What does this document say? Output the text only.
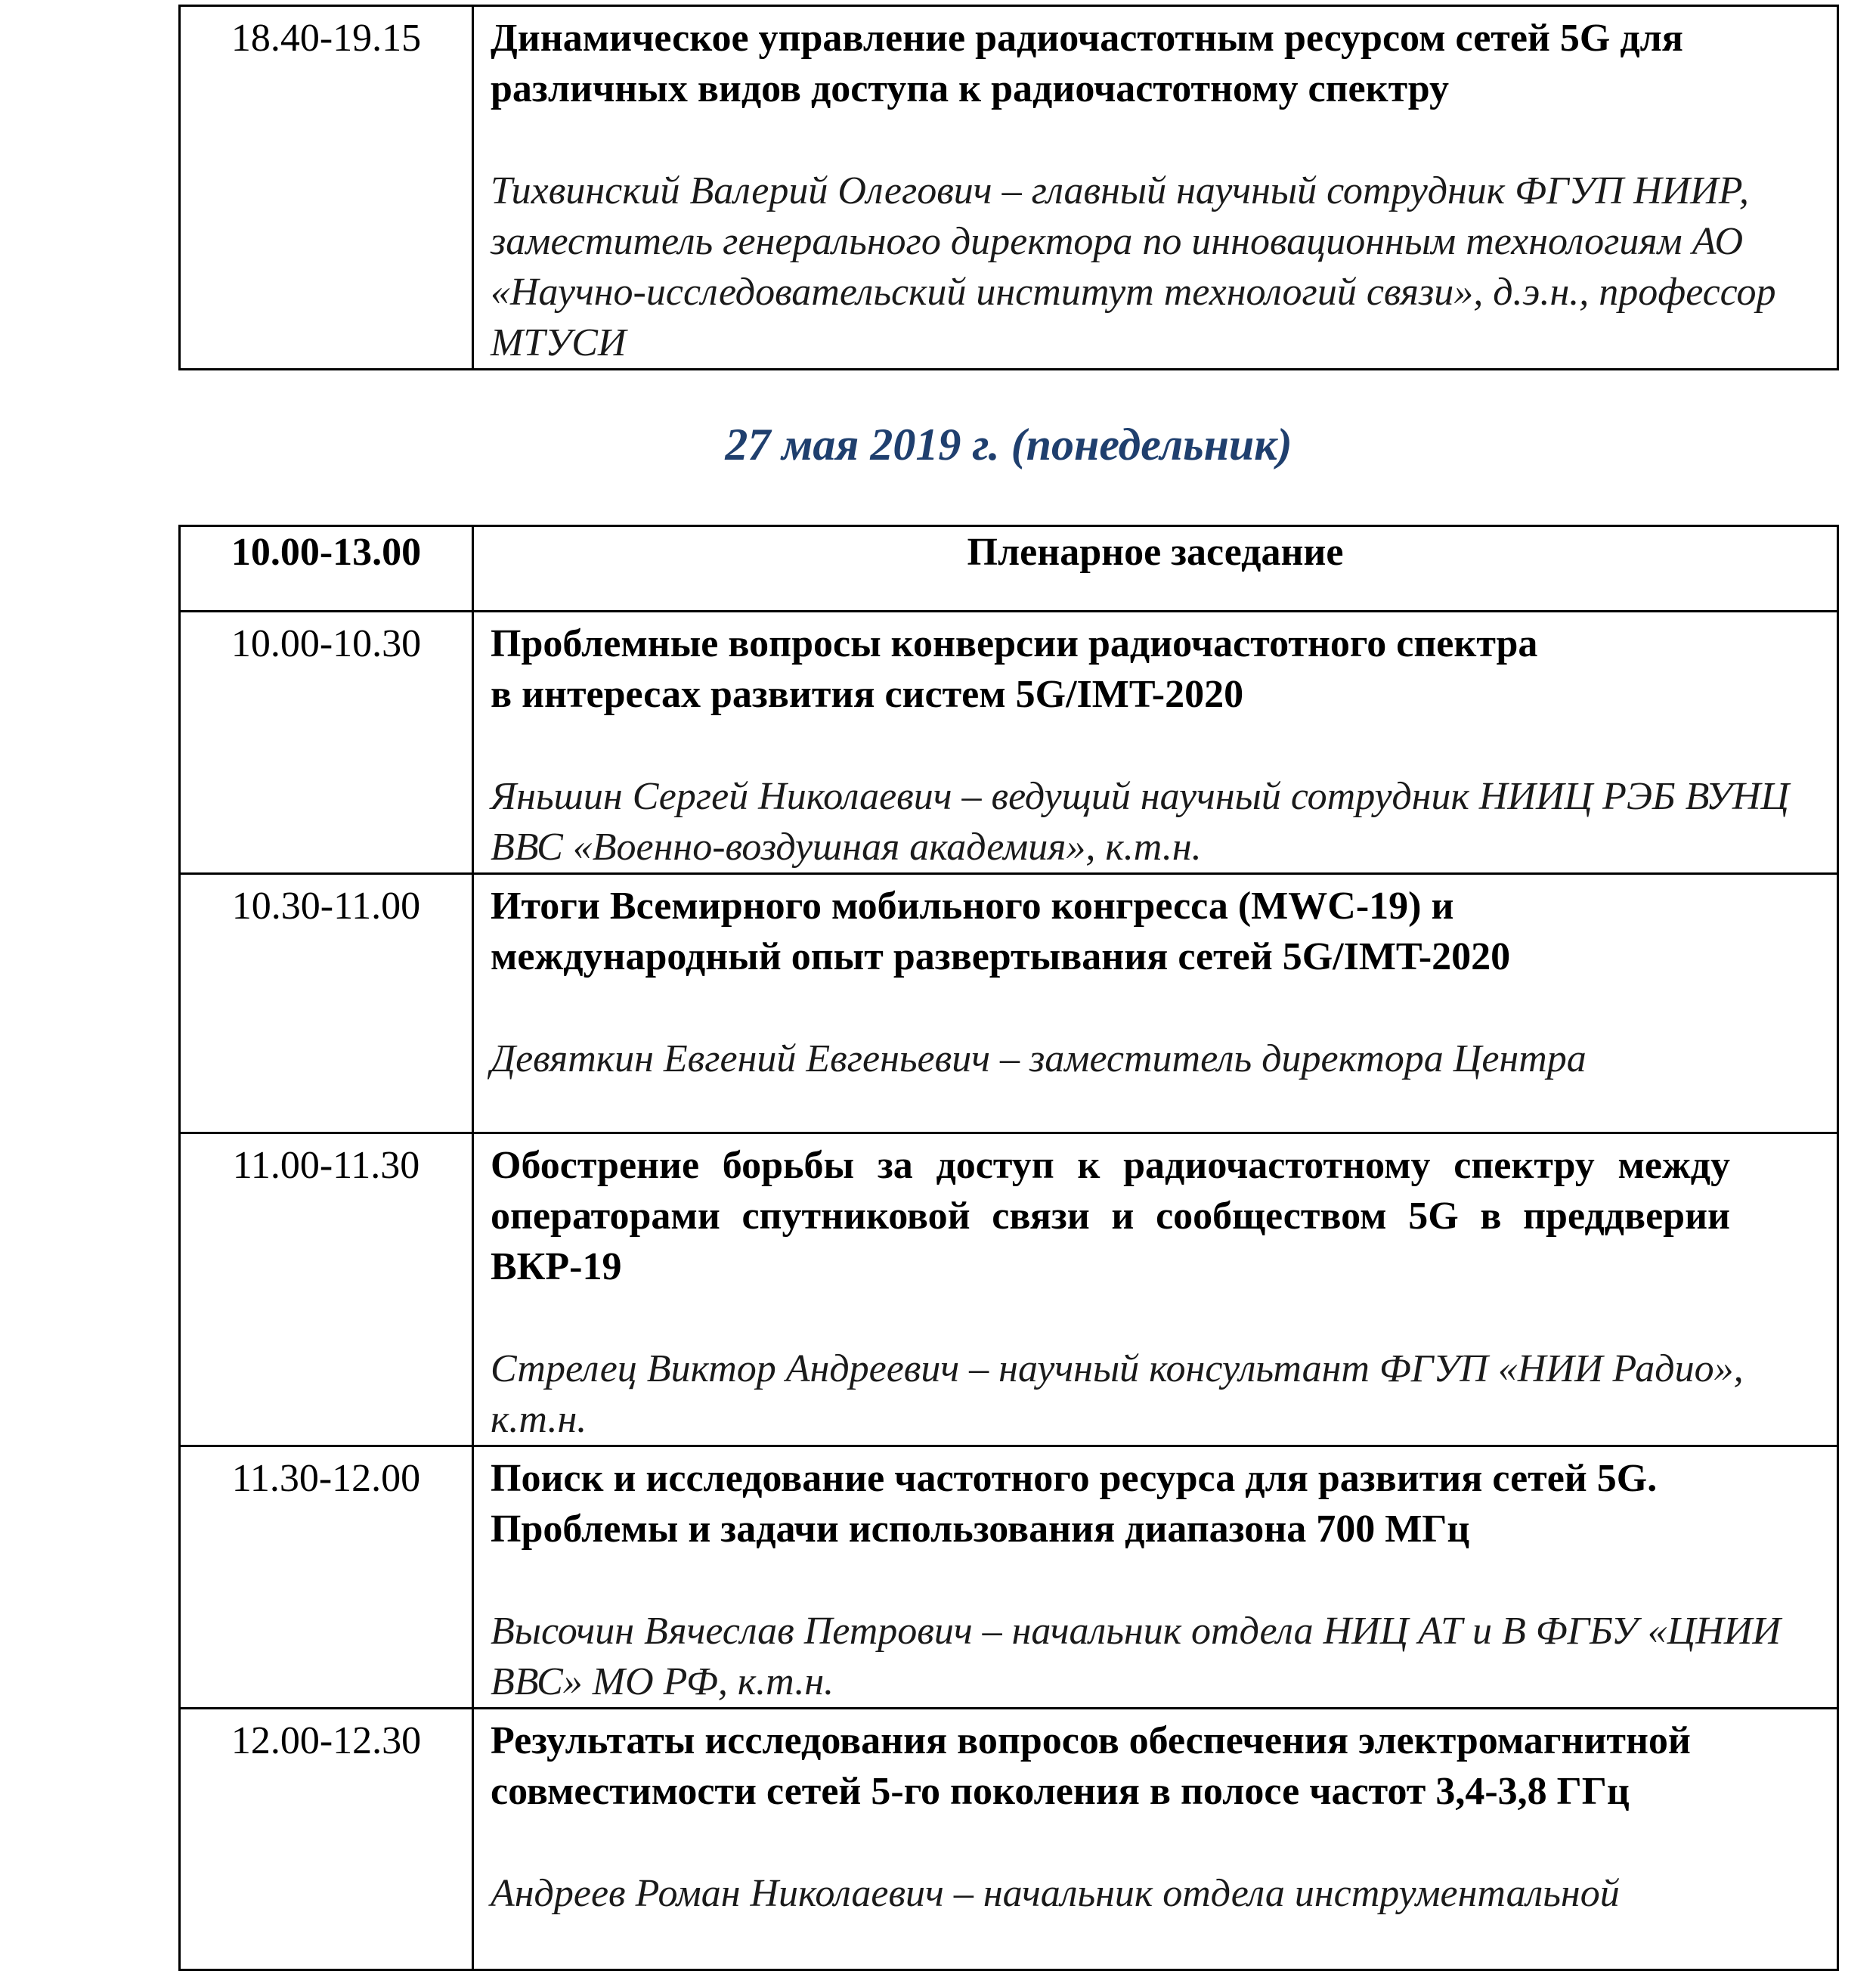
18.40-19.15	Динамическое управление радиочастотным ресурсом сетей 5G для различных видов доступа к радиочастотному спектру
Тихвинский Валерий Олегович – главный научный сотрудник ФГУП НИИР, заместитель генерального директора по инновационным технологиям АО «Научно-исследовательский институт технологий связи», д.э.н., профессор МТУСИ
27 мая 2019 г. (понедельник)
10.00-13.00	Пленарное заседание
10.00-10.30	Проблемные вопросы конверсии радиочастотного спектра в интересах развития систем 5G/IMT-2020
Яньшин Сергей Николаевич – ведущий научный сотрудник НИИЦ РЭБ ВУНЦ ВВС «Военно-воздушная академия», к.т.н.

10.30-11.00	Итоги Всемирного мобильного конгресса (MWC-19) и международный опыт развертывания сетей 5G/IMT-2020
Девяткин Евгений Евгеньевич – заместитель директора Центра

11.00-11.30	Обострение борьбы за доступ к радиочастотному спектру между операторами спутниковой связи и сообществом 5G в преддверии ВКР-19
Стрелец Виктор Андреевич – научный консультант ФГУП «НИИ Радио», к.т.н.

11.30-12.00	Поиск и исследование частотного ресурса для развития сетей 5G. Проблемы и задачи использования диапазона 700 МГц
Высочин Вячеслав Петрович – начальник отдела НИЦ АТ и В ФГБУ «ЦНИИ ВВС» МО РФ, к.т.н.

12.00-12.30	Результаты исследования вопросов обеспечения электромагнитной совместимости сетей 5-го поколения в полосе частот 3,4-3,8 ГГц
Андреев Роман Николаевич – начальник отдела инструментальной
